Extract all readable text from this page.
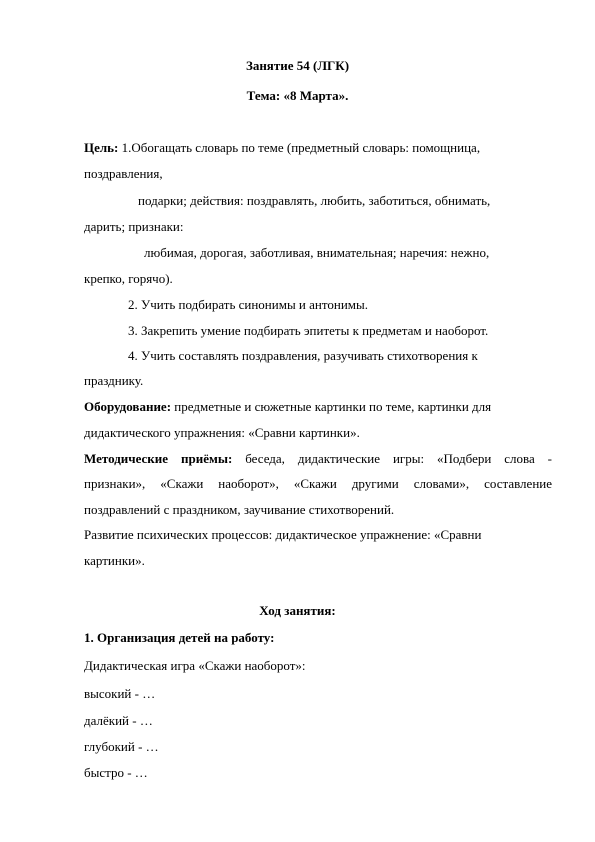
Занятие 54 (ЛГК)
Тема: «8 Марта».
Цель: 1.Обогащать словарь по теме (предметный словарь: помощница,
поздравления,
подарки; действия: поздравлять, любить, заботиться, обнимать,
дарить; признаки:
любимая, дорогая, заботливая, внимательная; наречия: нежно,
крепко, горячо).
2. Учить подбирать синонимы и антонимы.
3. Закрепить умение подбирать эпитеты к предметам и наоборот.
4. Учить составлять поздравления, разучивать стихотворения к
празднику.
Оборудование: предметные и сюжетные картинки по теме, картинки для
дидактического упражнения: «Сравни картинки».
Методические приёмы: беседа, дидактические игры: «Подбери слова -
признаки», «Скажи наоборот», «Скажи другими словами», составление
поздравлений с праздником, заучивание стихотворений.
Развитие психических процессов: дидактическое упражнение: «Сравни
картинки».
Ход занятия:
1. Организация детей на работу:
Дидактическая игра «Скажи наоборот»:
высокий - …
далёкий - …
глубокий - …
быстро - …
